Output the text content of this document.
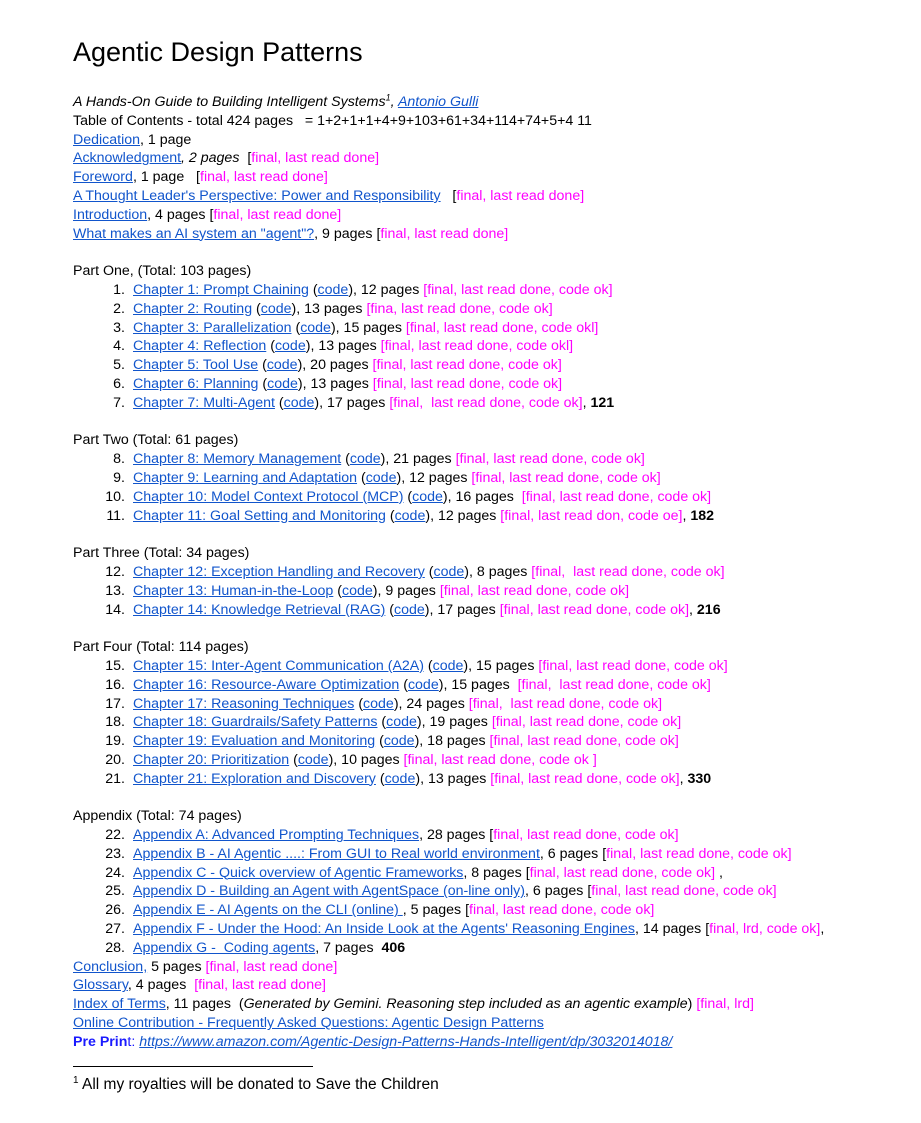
Agentic Design Patterns
A Hands-On Guide to Building Intelligent Systems$^1$, Antonio Gulli
Table of Contents - total 424 pages   = 1+2+1+1+4+9+103+61+34+114+74+5+4 11
Dedication, 1 page
Acknowledgment, 2 pages  [final, last read done]
Foreword, 1 page   [final, last read done]
A Thought Leader's Perspective: Power and Responsibility [final, last read done]
Introduction, 4 pages [final, last read done]
What makes an AI system an "agent"?, 9 pages [final, last read done]
Part One, (Total: 103 pages)
1. Chapter 1: Prompt Chaining (code), 12 pages [final, last read done, code ok]
2. Chapter 2: Routing (code), 13 pages [fina, last read done, code ok]
3. Chapter 3: Parallelization (code), 15 pages [final, last read done, code okl]
4. Chapter 4: Reflection (code), 13 pages [final, last read done, code okl]
5. Chapter 5: Tool Use (code), 20 pages [final, last read done, code ok]
6. Chapter 6: Planning (code), 13 pages [final, last read done, code ok]
7. Chapter 7: Multi-Agent (code), 17 pages [final,  last read done, code ok], 121
Part Two (Total: 61 pages)
8. Chapter 8: Memory Management (code), 21 pages [final, last read done, code ok]
9. Chapter 9: Learning and Adaptation (code), 12 pages [final, last read done, code ok]
10. Chapter 10: Model Context Protocol (MCP) (code), 16 pages  [final, last read done, code ok]
11. Chapter 11: Goal Setting and Monitoring (code), 12 pages [final, last read don, code oe], 182
Part Three (Total: 34 pages)
12. Chapter 12: Exception Handling and Recovery (code), 8 pages [final,  last read done, code ok]
13. Chapter 13: Human-in-the-Loop (code), 9 pages [final, last read done, code ok]
14. Chapter 14: Knowledge Retrieval (RAG) (code), 17 pages [final, last read done, code ok], 216
Part Four (Total: 114 pages)
15. Chapter 15: Inter-Agent Communication (A2A) (code), 15 pages [final, last read done, code ok]
16. Chapter 16: Resource-Aware Optimization (code), 15 pages  [final,  last read done, code ok]
17. Chapter 17: Reasoning Techniques (code), 24 pages [final,  last read done, code ok]
18. Chapter 18: Guardrails/Safety Patterns (code), 19 pages [final, last read done, code ok]
19. Chapter 19: Evaluation and Monitoring (code), 18 pages [final, last read done, code ok]
20. Chapter 20: Prioritization (code), 10 pages [final, last read done, code ok ]
21. Chapter 21: Exploration and Discovery (code), 13 pages [final, last read done, code ok], 330
Appendix (Total: 74 pages)
22. Appendix A: Advanced Prompting Techniques, 28 pages [final, last read done, code ok]
23. Appendix B - AI Agentic ....: From GUI to Real world environment, 6 pages [final, last read done, code ok]
24. Appendix C - Quick overview of Agentic Frameworks, 8 pages [final, last read done, code ok] ,
25. Appendix D - Building an Agent with AgentSpace (on-line only), 6 pages [final, last read done, code ok]
26. Appendix E - AI Agents on the CLI (online) , 5 pages [final, last read done, code ok]
27. Appendix F - Under the Hood: An Inside Look at the Agents' Reasoning Engines, 14 pages [final, lrd, code ok],
28. Appendix G -  Coding agents, 7 pages  406
Conclusion, 5 pages [final, last read done]
Glossary, 4 pages  [final, last read done]
Index of Terms, 11 pages  (Generated by Gemini. Reasoning step included as an agentic example) [final, lrd]
Online Contribution - Frequently Asked Questions: Agentic Design Patterns
Pre Print: https://www.amazon.com/Agentic-Design-Patterns-Hands-Intelligent/dp/3032014018/
$^1$ All my royalties will be donated to Save the Children
